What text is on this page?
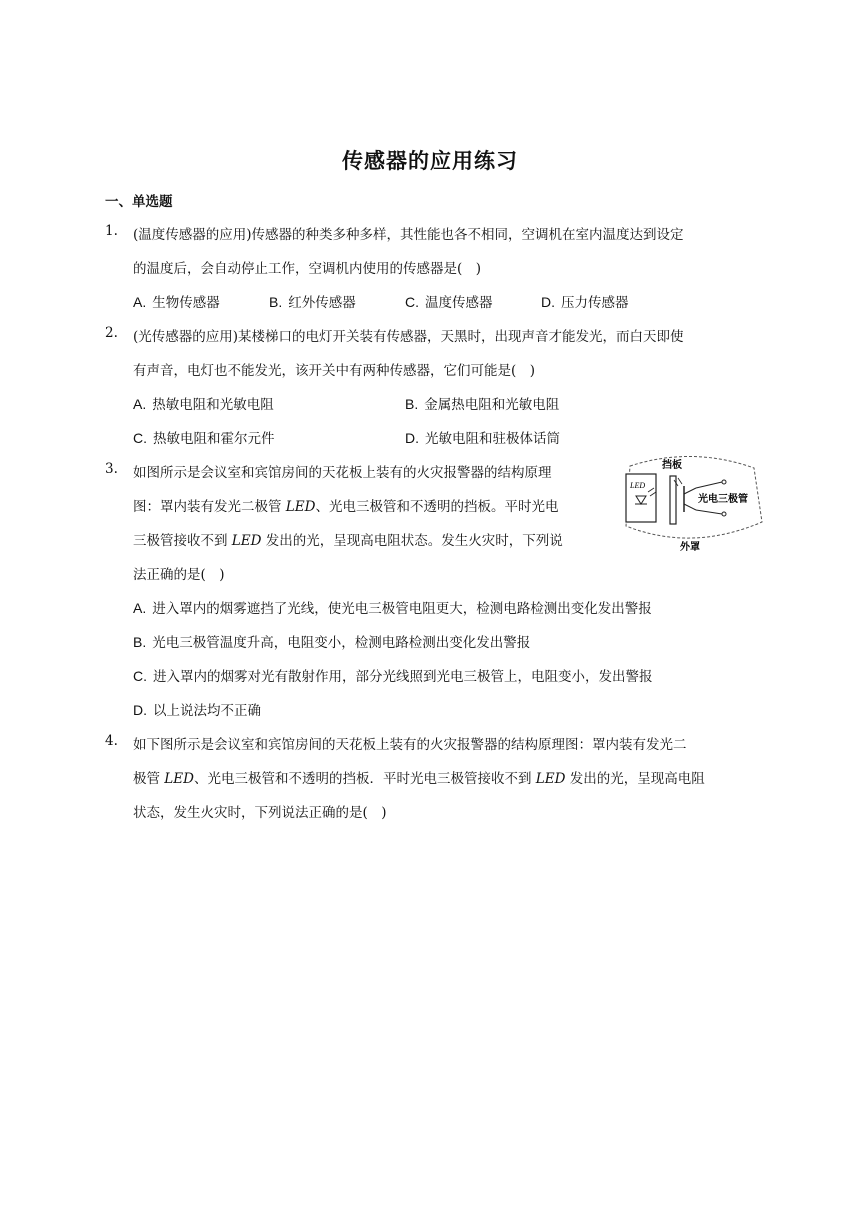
传感器的应用练习
一、单选题
1. (温度传感器的应用)传感器的种类多种多样，其性能也各不相同，空调机在室内温度达到设定
的温度后，会自动停止工作，空调机内使用的传感器是(　)
A. 生物传感器	B. 红外传感器	C. 温度传感器	D. 压力传感器
2. (光传感器的应用)某楼梯口的电灯开关装有传感器，天黑时，出现声音才能发光，而白天即使
有声音，电灯也不能发光，该开关中有两种传感器，它们可能是(　)
A. 热敏电阻和光敏电阻	B. 金属热电阻和光敏电阻
C. 热敏电阻和霍尔元件	D. 光敏电阻和驻极体话筒
3. 如图所示是会议室和宾馆房间的天花板上装有的火灾报警器的结构原理
图：罩内装有发光二极管 LED、光电三极管和不透明的挡板。平时光电
三极管接收不到 LED 发出的光，呈现高电阻状态。发生火灾时，下列说
法正确的是(　)
A. 进入罩内的烟雾遮挡了光线，使光电三极管电阻更大，检测电路检测出变化发出警报
B. 光电三极管温度升高，电阻变小，检测电路检测出变化发出警报
C. 进入罩内的烟雾对光有散射作用，部分光线照到光电三极管上，电阻变小，发出警报
D. 以上说法均不正确
LED
挡板
光电三极管
外罩
4. 如下图所示是会议室和宾馆房间的天花板上装有的火灾报警器的结构原理图：罩内装有发光二
极管 LED、光电三极管和不透明的挡板．平时光电三极管接收不到 LED 发出的光，呈现高电阻
状态，发生火灾时，下列说法正确的是(　)
